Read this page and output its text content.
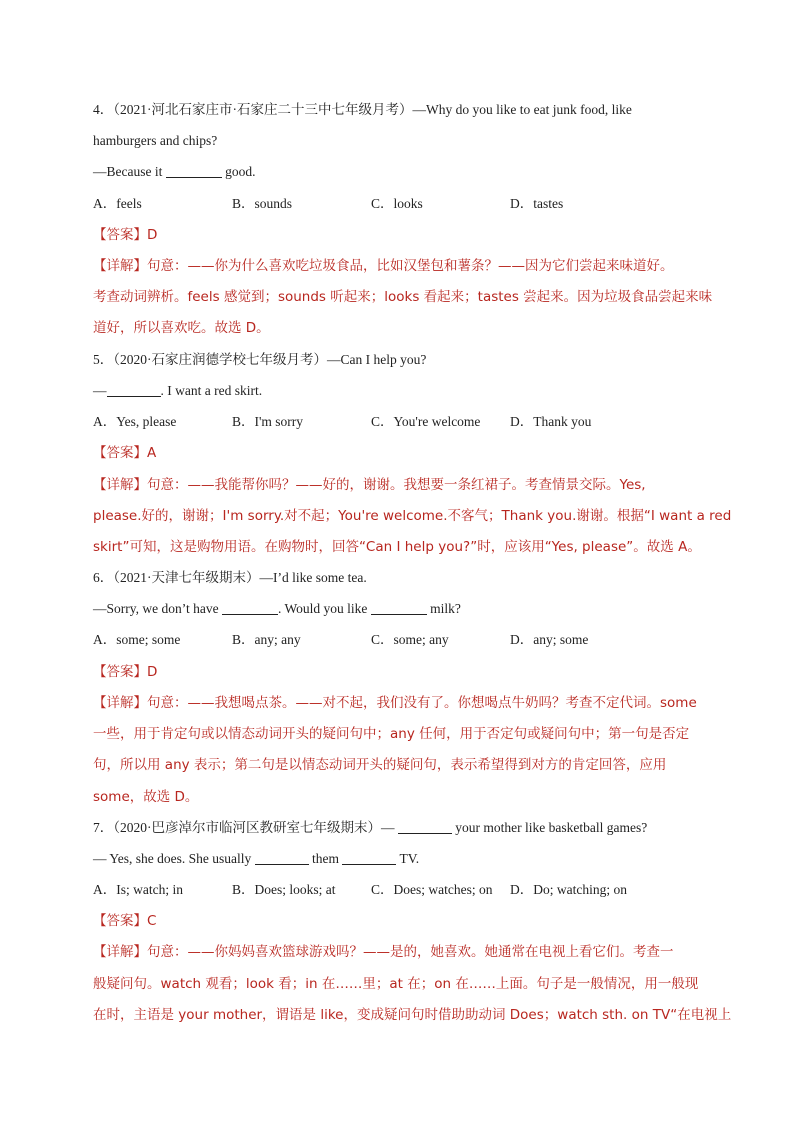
4．（2021·河北石家庄市·石家庄二十三中七年级月考）—Why do you like to eat junk food, like
hamburgers and chips?
—Because it	good.
A．feels	B．sounds	C．looks	D．tastes
【答案】D
【详解】句意：——你为什么喜欢吃垃圾食品，比如汉堡包和薯条？——因为它们尝起来味道好。
考查动词辨析。feels 感觉到；sounds 听起来；looks 看起来；tastes 尝起来。因为垃圾食品尝起来味
道好，所以喜欢吃。故选 D。
5．（2020·石家庄润德学校七年级月考）—Can I help you?
—	. I want a red skirt.
A．Yes, please	B．I'm sorry	C．You're welcome D．Thank you
【答案】A
【详解】句意：——我能帮你吗？——好的，谢谢。我想要一条红裙子。考查情景交际。Yes,
please.好的，谢谢；I'm sorry.对不起；You're welcome.不客气；Thank you.谢谢。根据“I want a red
skirt”可知，这是购物用语。在购物时，回答“Can I help you?”时，应该用“Yes, please”。故选 A。
6．（2021·天津七年级期末）—I’d like some tea.
—Sorry, we don’t have	. Would you like	milk?
A．some; some	B．any; any	C．some; any	D．any; some
【答案】D
【详解】句意：——我想喝点茶。——对不起，我们没有了。你想喝点牛奶吗？考查不定代词。some
一些，用于肯定句或以情态动词开头的疑问句中；any 任何，用于否定句或疑问句中；第一句是否定
句，所以用 any 表示；第二句是以情态动词开头的疑问句，表示希望得到对方的肯定回答，应用
some，故选 D。
7．（2020·巴彦淖尔市临河区教研室七年级期末）—	your mother like basketball games?
— Yes, she does. She usually	them	TV.
A．Is; watch; in	B．Does; looks; at	C．Does; watches; on D．Do; watching; on
【答案】C
【详解】句意：——你妈妈喜欢篮球游戏吗？——是的，她喜欢。她通常在电视上看它们。考查一
般疑问句。watch 观看；look 看；in 在……里；at 在；on 在……上面。句子是一般情况，用一般现
在时，主语是 your mother，谓语是 like，变成疑问句时借助助动词 Does；watch sth. on TV“在电视上
